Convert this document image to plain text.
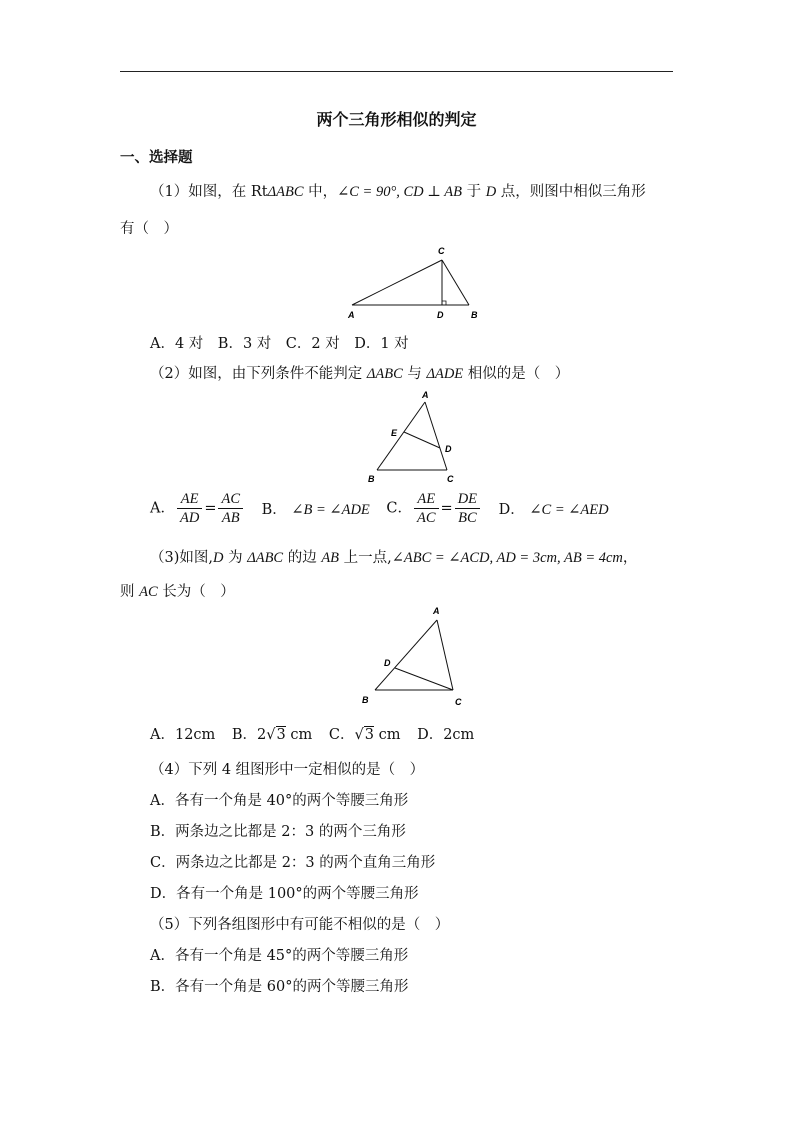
两个三角形相似的判定
一、选择题
（1）如图，在 RtΔABC 中，∠C = 90°, CD ⊥ AB 于 D 点，则图中相似三角形
有（　）
C
A	D	B
A．4 对　B．3 对　C．2 对　D．1 对
（2）如图，由下列条件不能判定 ΔABC 与 ΔADE 相似的是（　）
A
E
D
B	C
A． $\frac{AE}{AD} = \frac{AC}{AB}$ B． ∠B = ∠ADE C． $\frac{AE}{AC} = \frac{DE}{BC}$ D． ∠C = ∠AED
（3)如图,D 为 ΔABC 的边 AB 上一点,∠ABC = ∠ACD, AD = 3cm, AB = 4cm，
则 AC 长为（　）
A
D
B	C
A．12cm B．2√3 cm C．√3 cm D．2cm
（4）下列 4 组图形中一定相似的是（　）
A．各有一个角是 40°的两个等腰三角形
B．两条边之比都是 2：3 的两个三角形
C．两条边之比都是 2：3 的两个直角三角形
D．各有一个角是 100°的两个等腰三角形
（5）下列各组图形中有可能不相似的是（　）
A．各有一个角是 45°的两个等腰三角形
B．各有一个角是 60°的两个等腰三角形
